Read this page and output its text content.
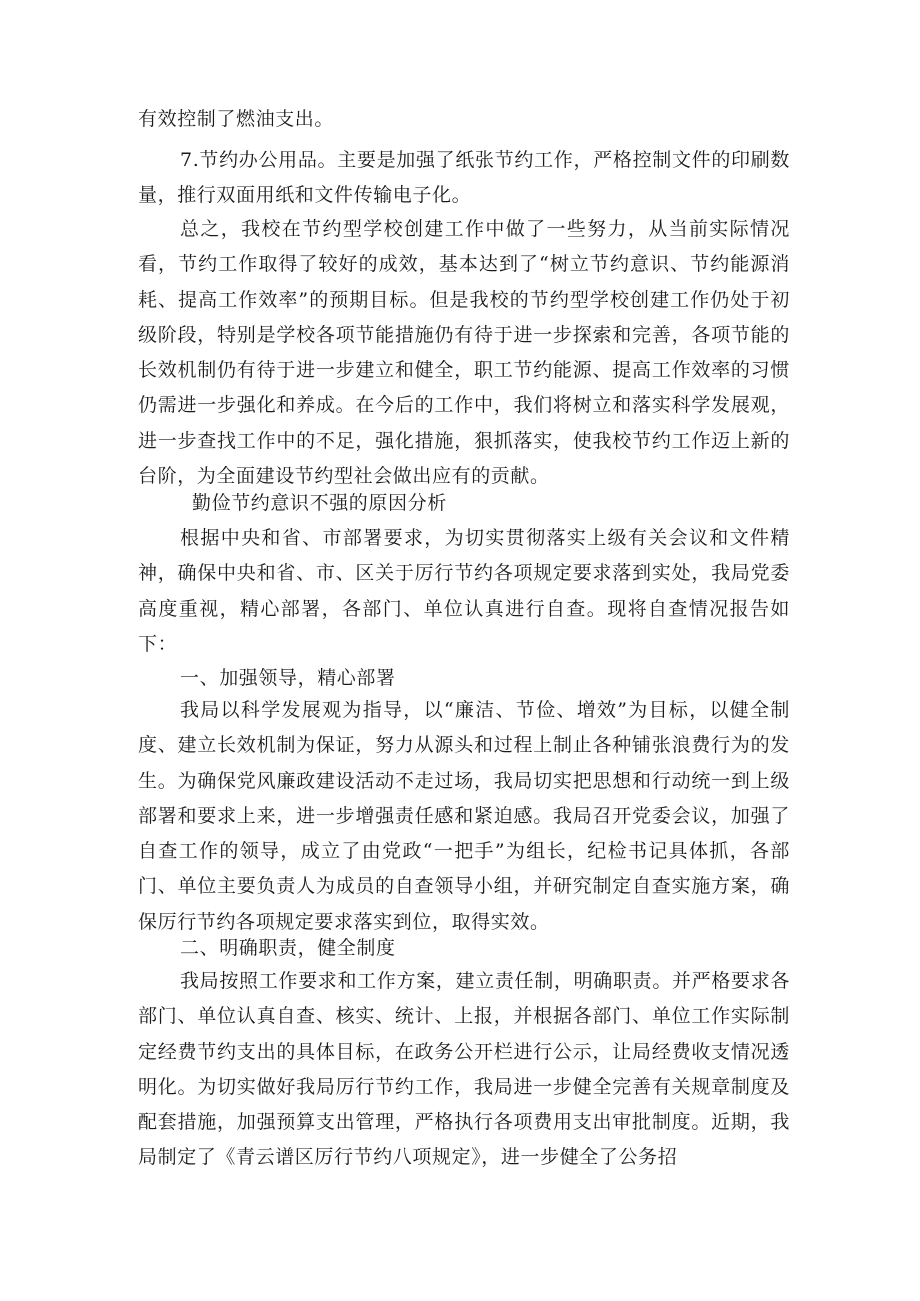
有效控制了燃油支出。

7.节约办公用品。主要是加强了纸张节约工作，严格控制文件的印刷数量，推行双面用纸和文件传输电子化。

总之，我校在节约型学校创建工作中做了一些努力，从当前实际情况看，节约工作取得了较好的成效，基本达到了“树立节约意识、节约能源消耗、提高工作效率”的预期目标。但是我校的节约型学校创建工作仍处于初级阶段，特别是学校各项节能措施仍有待于进一步探索和完善，各项节能的长效机制仍有待于进一步建立和健全，职工节约能源、提高工作效率的习惯仍需进一步强化和养成。在今后的工作中，我们将树立和落实科学发展观，进一步查找工作中的不足，强化措施，狠抓落实，使我校节约工作迈上新的台阶，为全面建设节约型社会做出应有的贡献。

勤俭节约意识不强的原因分析

根据中央和省、市部署要求，为切实贯彻落实上级有关会议和文件精神，确保中央和省、市、区关于厉行节约各项规定要求落到实处，我局党委高度重视，精心部署，各部门、单位认真进行自查。现将自查情况报告如下：

一、加强领导，精心部署

我局以科学发展观为指导，以“廉洁、节俭、增效”为目标，以健全制度、建立长效机制为保证，努力从源头和过程上制止各种铺张浪费行为的发生。为确保党风廉政建设活动不走过场，我局切实把思想和行动统一到上级部署和要求上来，进一步增强责任感和紧迫感。我局召开党委会议，加强了自查工作的领导，成立了由党政“一把手”为组长，纪检书记具体抓，各部门、单位主要负责人为成员的自查领导小组，并研究制定自查实施方案，确保厉行节约各项规定要求落实到位，取得实效。

二、明确职责，健全制度

我局按照工作要求和工作方案，建立责任制，明确职责。并严格要求各部门、单位认真自查、核实、统计、上报，并根据各部门、单位工作实际制定经费节约支出的具体目标，在政务公开栏进行公示，让局经费收支情况透明化。为切实做好我局厉行节约工作，我局进一步健全完善有关规章制度及配套措施，加强预算支出管理，严格执行各项费用支出审批制度。近期，我局制定了《青云谱区厉行节约八项规定》，进一步健全了公务招
